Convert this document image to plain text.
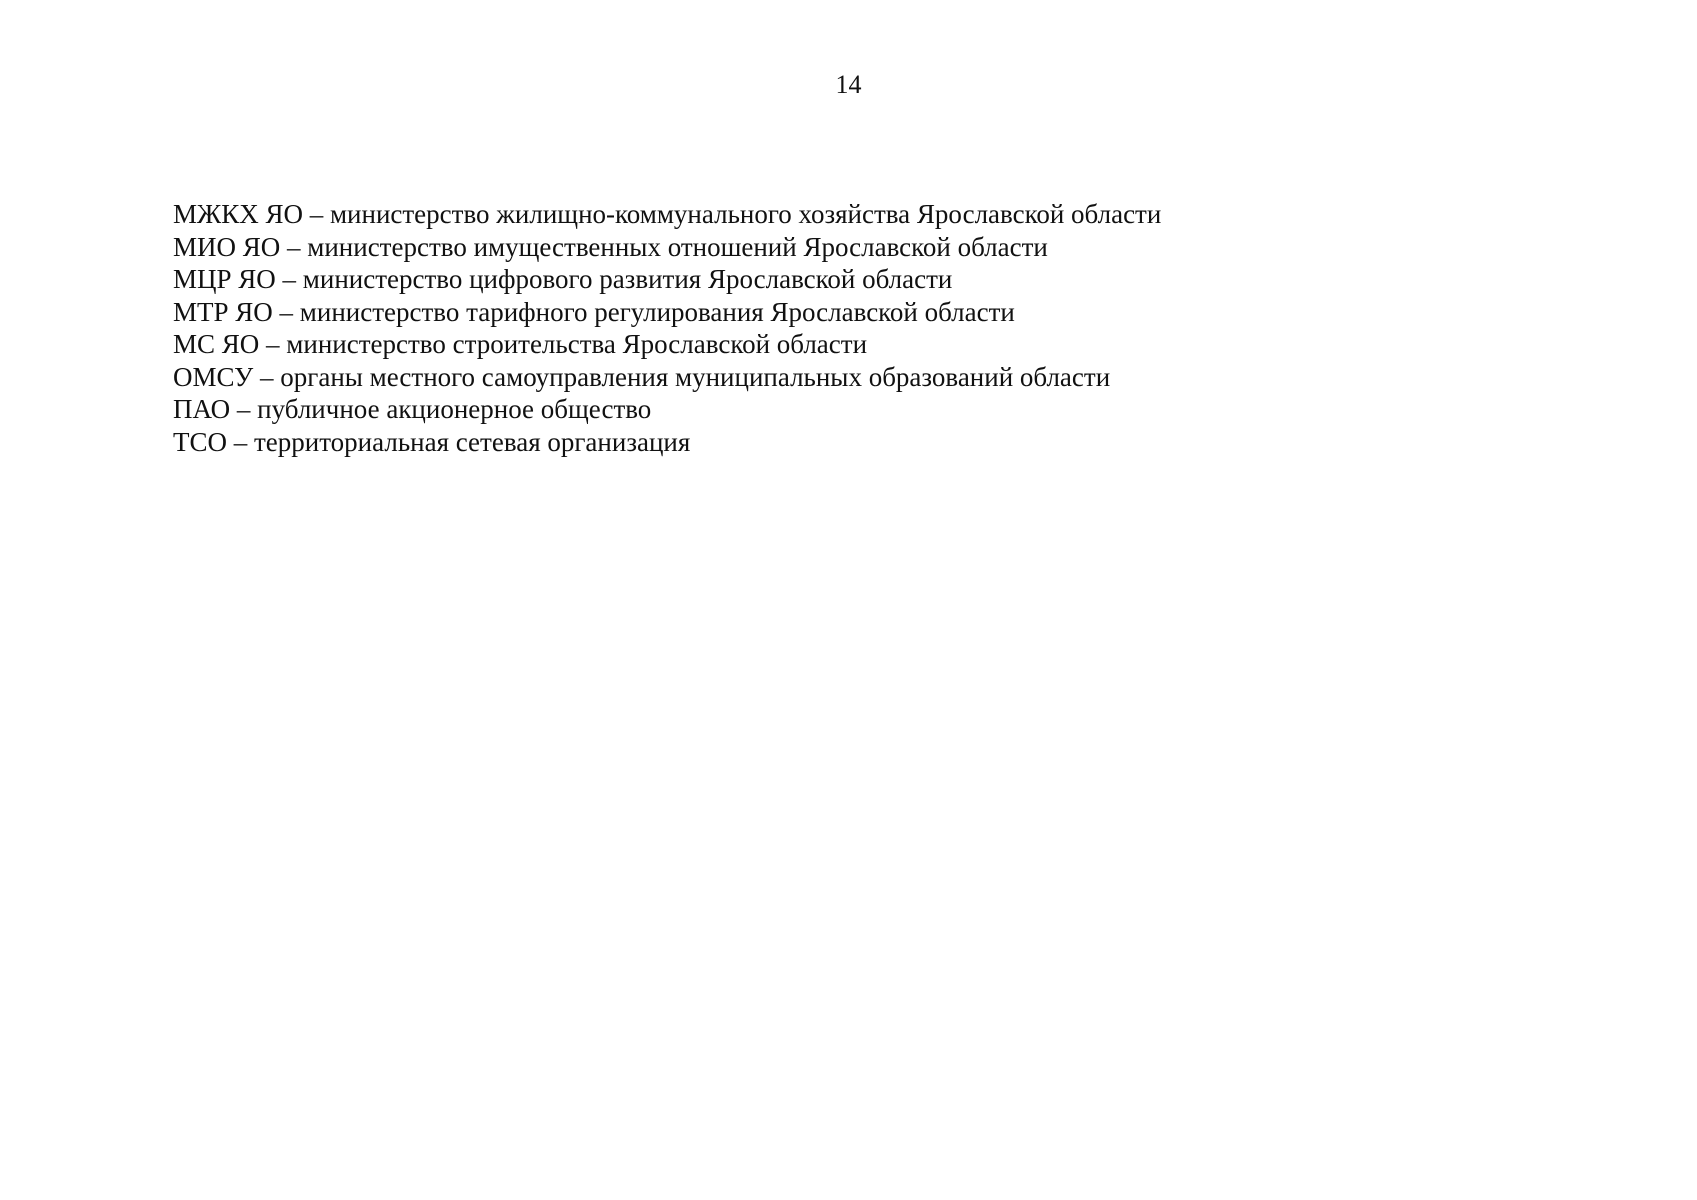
14
МЖКХ ЯО – министерство жилищно-коммунального хозяйства Ярославской области
МИО ЯО – министерство имущественных отношений Ярославской области
МЦР ЯО – министерство цифрового развития Ярославской области
МТР ЯО – министерство тарифного регулирования Ярославской области
МС ЯО – министерство строительства Ярославской области
ОМСУ – органы местного самоуправления муниципальных образований области
ПАО – публичное акционерное общество
ТСО – территориальная сетевая организация
